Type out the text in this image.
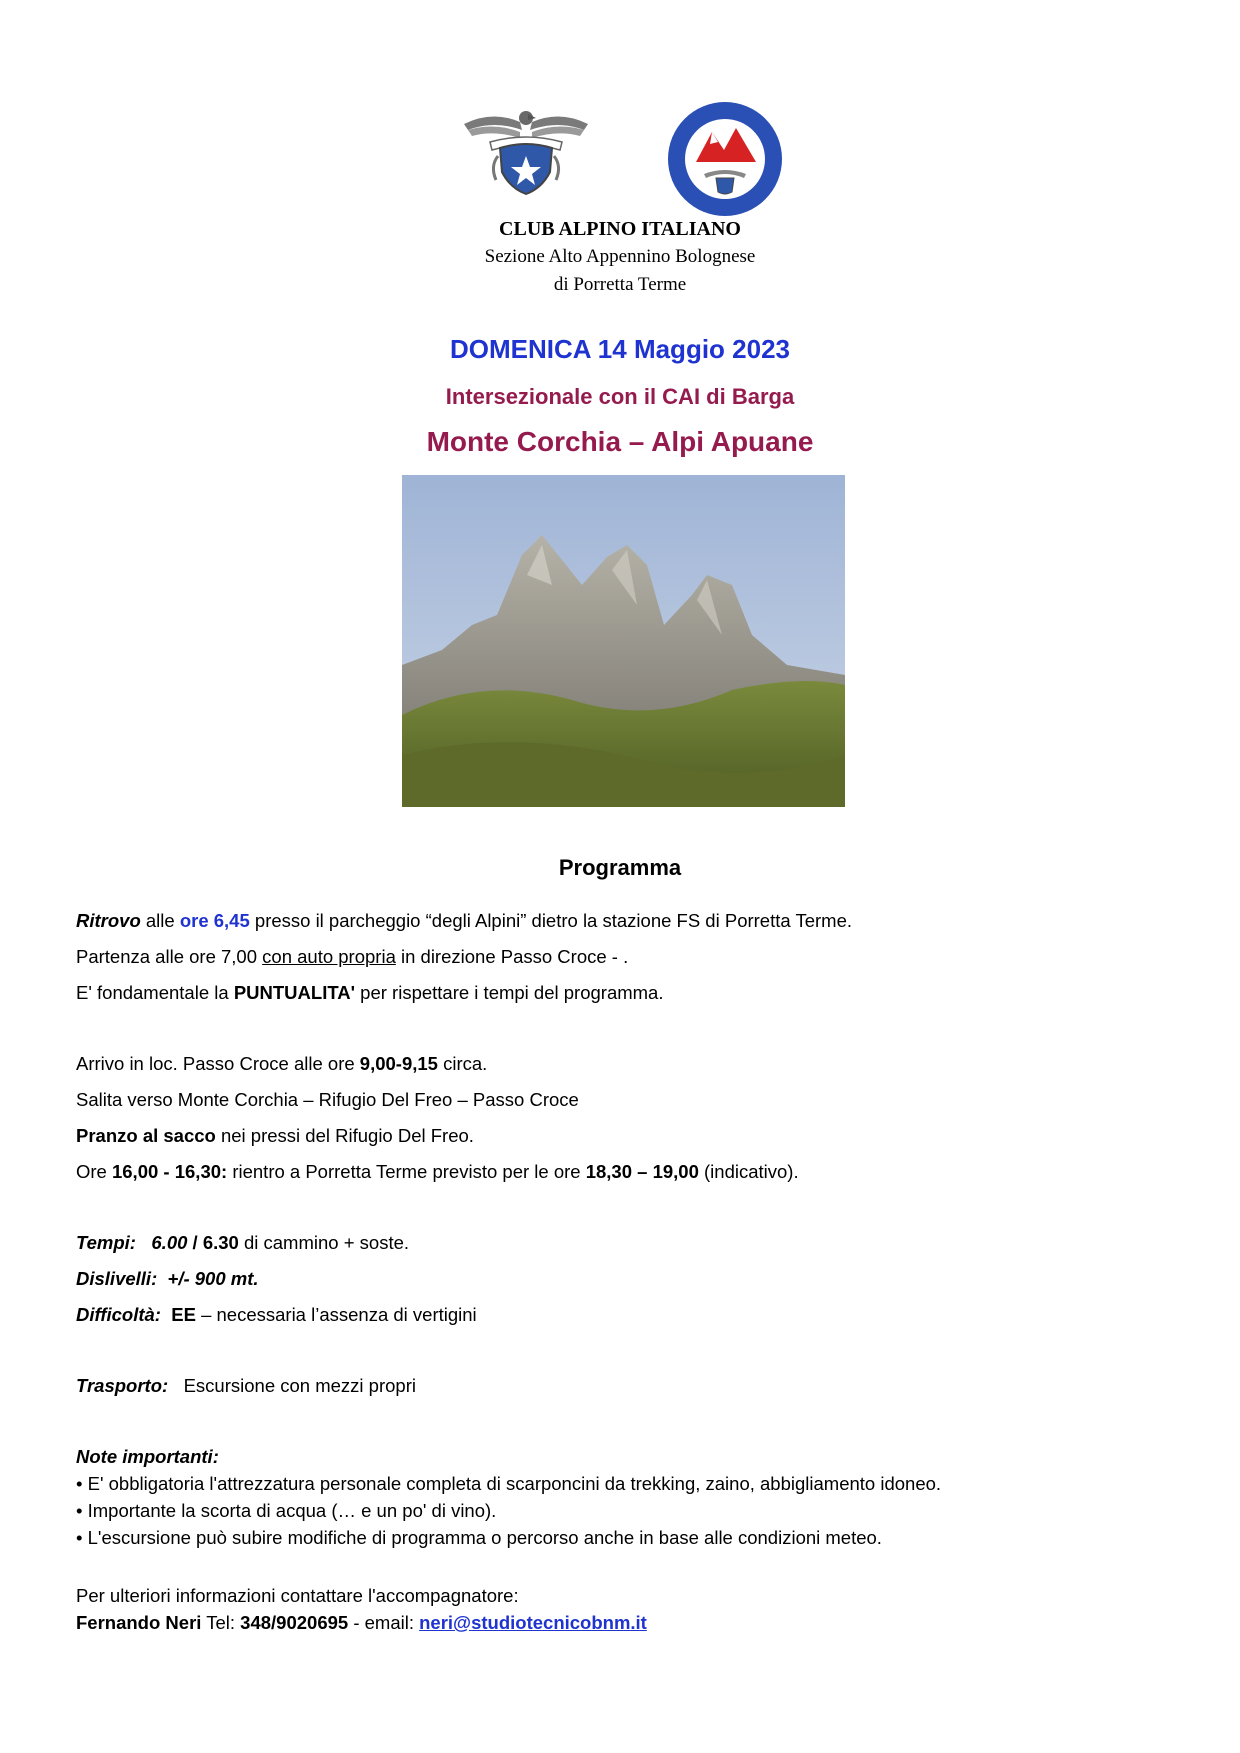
CLUB ALPINO ITALIANO
Sezione Alto Appennino Bolognese
di Porretta Terme
DOMENICA 14 Maggio 2023
Intersezionale con il CAI di Barga
Monte Corchia – Alpi Apuane
Programma
Ritrovo alle ore 6,45 presso il parcheggio “degli Alpini” dietro la stazione FS di Porretta Terme.
Partenza alle ore 7,00 con auto propria in direzione Passo Croce - .
E' fondamentale la PUNTUALITA' per rispettare i tempi del programma.
Arrivo in loc. Passo Croce alle ore 9,00-9,15 circa.
Salita verso Monte Corchia – Rifugio Del Freo – Passo Croce
Pranzo al sacco nei pressi del Rifugio Del Freo.
Ore 16,00 - 16,30: rientro a Porretta Terme previsto per le ore 18,30 – 19,00 (indicativo).
Tempi: 6.00 / 6.30 di cammino + soste.
Dislivelli: +/- 900 mt.
Difficoltà: EE – necessaria l’assenza di vertigini
Trasporto: Escursione con mezzi propri
Note importanti:
• E' obbligatoria l'attrezzatura personale completa di scarponcini da trekking, zaino, abbigliamento idoneo.
• Importante la scorta di acqua (… e un po' di vino).
• L'escursione può subire modifiche di programma o percorso anche in base alle condizioni meteo.
Per ulteriori informazioni contattare l'accompagnatore:
Fernando Neri Tel: 348/9020695 - email: neri@studiotecnicobnm.it
